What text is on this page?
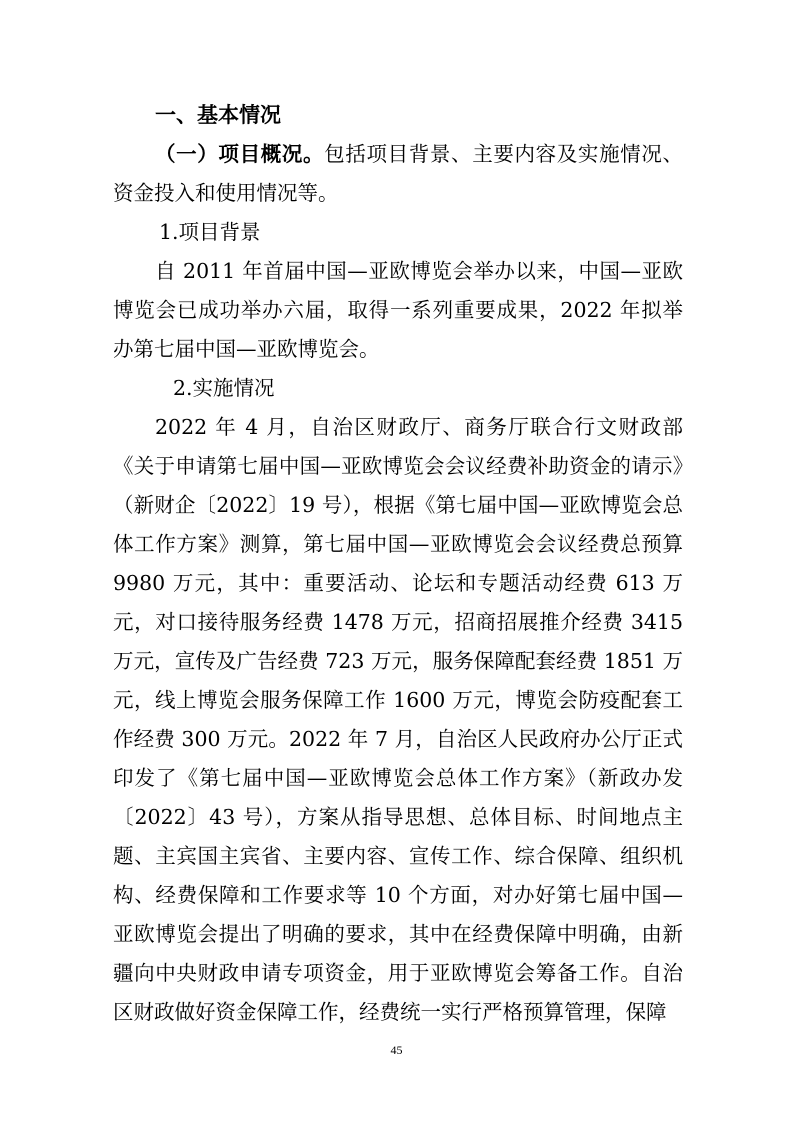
一、基本情况

（一）项目概况。包括项目背景、主要内容及实施情况、资金投入和使用情况等。

1.项目背景

自 2011 年首届中国—亚欧博览会举办以来，中国—亚欧博览会已成功举办六届，取得一系列重要成果，2022 年拟举办第七届中国—亚欧博览会。

2.实施情况

2022 年 4 月，自治区财政厅、商务厅联合行文财政部《关于申请第七届中国—亚欧博览会会议经费补助资金的请示》（新财企〔2022〕19 号），根据《第七届中国—亚欧博览会总体工作方案》测算，第七届中国—亚欧博览会会议经费总预算 9980 万元，其中：重要活动、论坛和专题活动经费 613 万元，对口接待服务经费 1478 万元，招商招展推介经费 3415 万元，宣传及广告经费 723 万元，服务保障配套经费 1851 万元，线上博览会服务保障工作 1600 万元，博览会防疫配套工作经费 300 万元。2022 年 7 月，自治区人民政府办公厅正式印发了《第七届中国—亚欧博览会总体工作方案》（新政办发〔2022〕43 号），方案从指导思想、总体目标、时间地点主题、主宾国主宾省、主要内容、宣传工作、综合保障、组织机构、经费保障和工作要求等 10 个方面，对办好第七届中国—亚欧博览会提出了明确的要求，其中在经费保障中明确，由新疆向中央财政申请专项资金，用于亚欧博览会筹备工作。自治区财政做好资金保障工作，经费统一实行严格预算管理，保障

45
